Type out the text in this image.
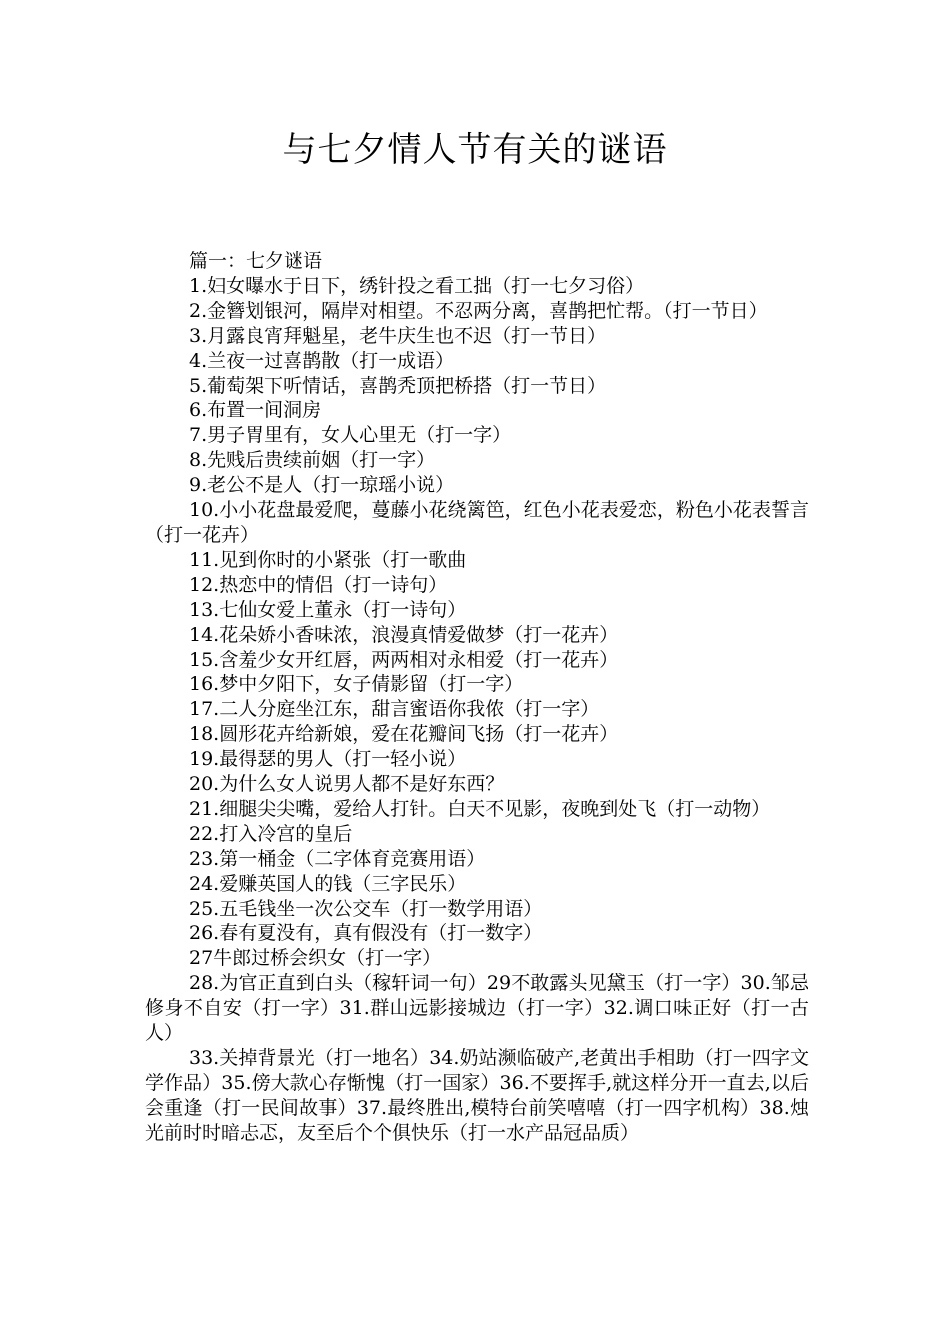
与七夕情人节有关的谜语

篇一：七夕谜语

1.妇女曝水于日下，绣针投之看工拙（打一七夕习俗）

2.金簪划银河，隔岸对相望。不忍两分离，喜鹊把忙帮。（打一节日）

3.月露良宵拜魁星，老牛庆生也不迟（打一节日）

4.兰夜一过喜鹊散（打一成语）

5.葡萄架下听情话，喜鹊秃顶把桥搭（打一节日）

6.布置一间洞房

7.男子胃里有，女人心里无（打一字）

8.先贱后贵续前姻（打一字）

9.老公不是人（打一琼瑶小说）

10.小小花盘最爱爬，蔓藤小花绕篱笆，红色小花表爱恋，粉色小花表誓言（打一花卉）

11.见到你时的小紧张（打一歌曲

12.热恋中的情侣（打一诗句）

13.七仙女爱上董永（打一诗句）

14.花朵娇小香味浓，浪漫真情爱做梦（打一花卉）

15.含羞少女开红唇，两两相对永相爱（打一花卉）

16.梦中夕阳下，女子倩影留（打一字）

17.二人分庭坐江东，甜言蜜语你我侬（打一字）

18.圆形花卉给新娘，爱在花瓣间飞扬（打一花卉）

19.最得瑟的男人（打一轻小说）

20.为什么女人说男人都不是好东西？

21.细腿尖尖嘴，爱给人打针。白天不见影，夜晚到处飞（打一动物）

22.打入冷宫的皇后

23.第一桶金（二字体育竞赛用语）

24.爱赚英国人的钱（三字民乐）

25.五毛钱坐一次公交车（打一数学用语）

26.春有夏没有，真有假没有（打一数字）

27牛郎过桥会织女（打一字）

28.为官正直到白头（稼轩词一句）29不敢露头见黛玉（打一字）30.邹忌修身不自安（打一字）31.群山远影接城边（打一字）32.调口味正好（打一古人）

33.关掉背景光（打一地名）34.奶站濒临破产,老黄出手相助（打一四字文学作品）35.傍大款心存惭愧（打一国家）36.不要挥手,就这样分开一直去,以后会重逢（打一民间故事）37.最终胜出,模特台前笑嘻嘻（打一四字机构）38.烛光前时时暗忐忑，友至后个个俱快乐（打一水产品冠品质）
